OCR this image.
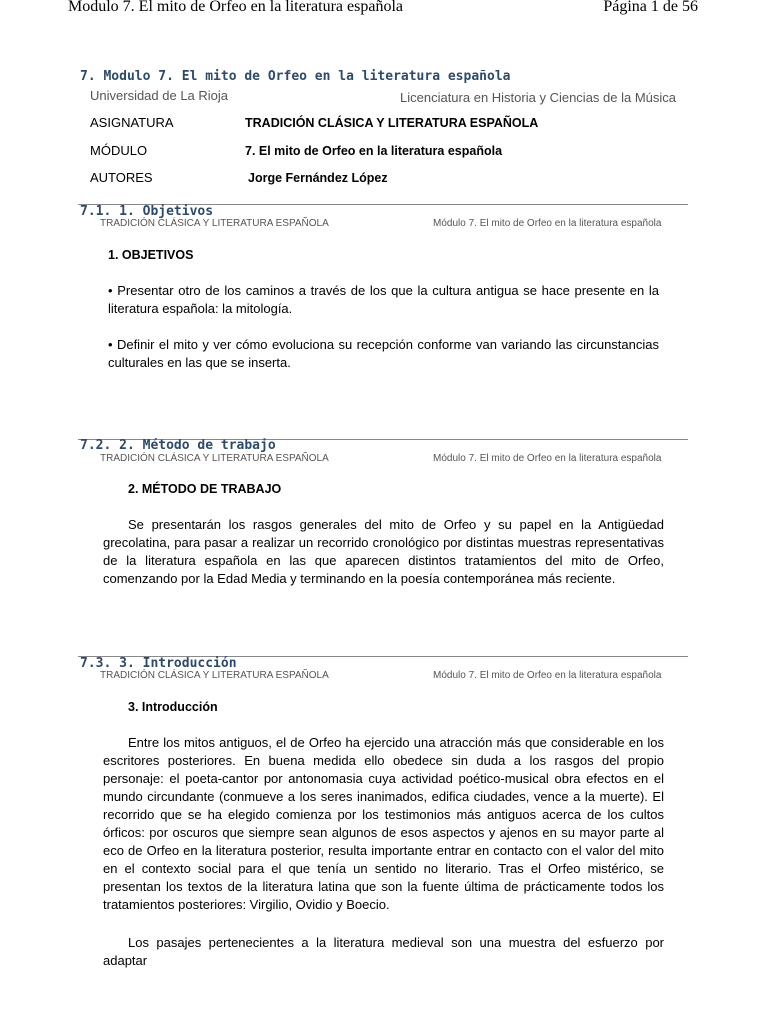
Modulo 7. El mito de Orfeo en la literatura española	Página 1 de 56
7. Modulo 7. El mito de Orfeo en la literatura española
Universidad de La Rioja	Licenciatura en Historia y Ciencias de la Música
ASIGNATURA	TRADICIÓN CLÁSICA Y LITERATURA ESPAÑOLA
MÓDULO	7. El mito de Orfeo en la literatura española
AUTORES	Jorge Fernández López
7.1. 1. Objetivos
TRADICIÓN CLÁSICA Y LITERATURA ESPAÑOLA	Módulo 7. El mito de Orfeo en la literatura española
1. OBJETIVOS
• Presentar otro de los caminos a través de los que la cultura antigua se hace presente en la literatura española: la mitología.
• Definir el mito y ver cómo evoluciona su recepción conforme van variando las circunstancias culturales en las que se inserta.
7.2. 2. Método de trabajo
TRADICIÓN CLÁSICA Y LITERATURA ESPAÑOLA	Módulo 7. El mito de Orfeo en la literatura española
2. MÉTODO DE TRABAJO
Se presentarán los rasgos generales del mito de Orfeo y su papel en la Antigüedad grecolatina, para pasar a realizar un recorrido cronológico por distintas muestras representativas de la literatura española en las que aparecen distintos tratamientos del mito de Orfeo, comenzando por la Edad Media y terminando en la poesía contemporánea más reciente.
7.3. 3. Introducción
TRADICIÓN CLÁSICA Y LITERATURA ESPAÑOLA	Módulo 7. El mito de Orfeo en la literatura española
3. Introducción
Entre los mitos antiguos, el de Orfeo ha ejercido una atracción más que considerable en los escritores posteriores. En buena medida ello obedece sin duda a los rasgos del propio personaje: el poeta-cantor por antonomasia cuya actividad poético-musical obra efectos en el mundo circundante (conmueve a los seres inanimados, edifica ciudades, vence a la muerte). El recorrido que se ha elegido comienza por los testimonios más antiguos acerca de los cultos órficos: por oscuros que siempre sean algunos de esos aspectos y ajenos en su mayor parte al eco de Orfeo en la literatura posterior, resulta importante entrar en contacto con el valor del mito en el contexto social para el que tenía un sentido no literario. Tras el Orfeo mistérico, se presentan los textos de la literatura latina que son la fuente última de prácticamente todos los tratamientos posteriores: Virgilio, Ovidio y Boecio.
Los pasajes pertenecientes a la literatura medieval son una muestra del esfuerzo por adaptar
